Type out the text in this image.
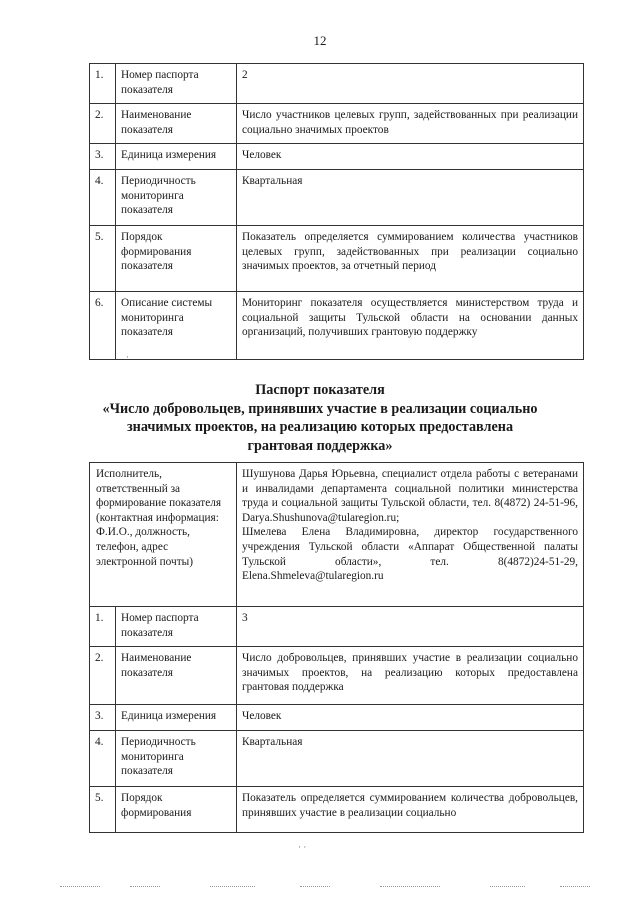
12
1.	Номер паспорта показателя	2
2.	Наименование показателя	Число участников целевых групп, задействованных при реализации социально значимых проектов
3.	Единица измерения	Человек
4.	Периодичность мониторинга показателя	Квартальная
5.	Порядок формирования показателя	Показатель определяется суммированием количества участников целевых групп, задействованных при реализации социально значимых проектов, за отчетный период
6.	Описание системы мониторинга показателя	Мониторинг показателя осуществляется министерством труда и социальной защиты Тульской области на основании данных организаций, получивших грантовую поддержку
·
Паспорт показателя
«Число добровольцев, принявших участие в реализации социально значимых проектов, на реализацию которых предоставлена грантовая поддержка»
Исполнитель, ответственный за формирование показателя (контактная информация: Ф.И.О., должность, телефон, адрес электронной почты)		Шушунова Дарья Юрьевна, специалист отдела работы с ветеранами и инвалидами департамента социальной политики министерства труда и социальной защиты Тульской области, тел. 8(4872) 24-51-96, Darya.Shushunova@tularegion.ru;
Шмелева Елена Владимировна, директор государственного учреждения Тульской области «Аппарат Общественной палаты Тульской области», тел. 8(4872)24-51-29, Elena.Shmeleva@tularegion.ru

1.	Номер паспорта показателя	3
2.	Наименование показателя	Число добровольцев, принявших участие в реализации социально значимых проектов, на реализацию которых предоставлена грантовая поддержка
3.	Единица измерения	Человек
4.	Периодичность мониторинга показателя	Квартальная
5.	Порядок формирования	Показатель определяется суммированием количества добровольцев, принявших участие в реализации социально
· ·
